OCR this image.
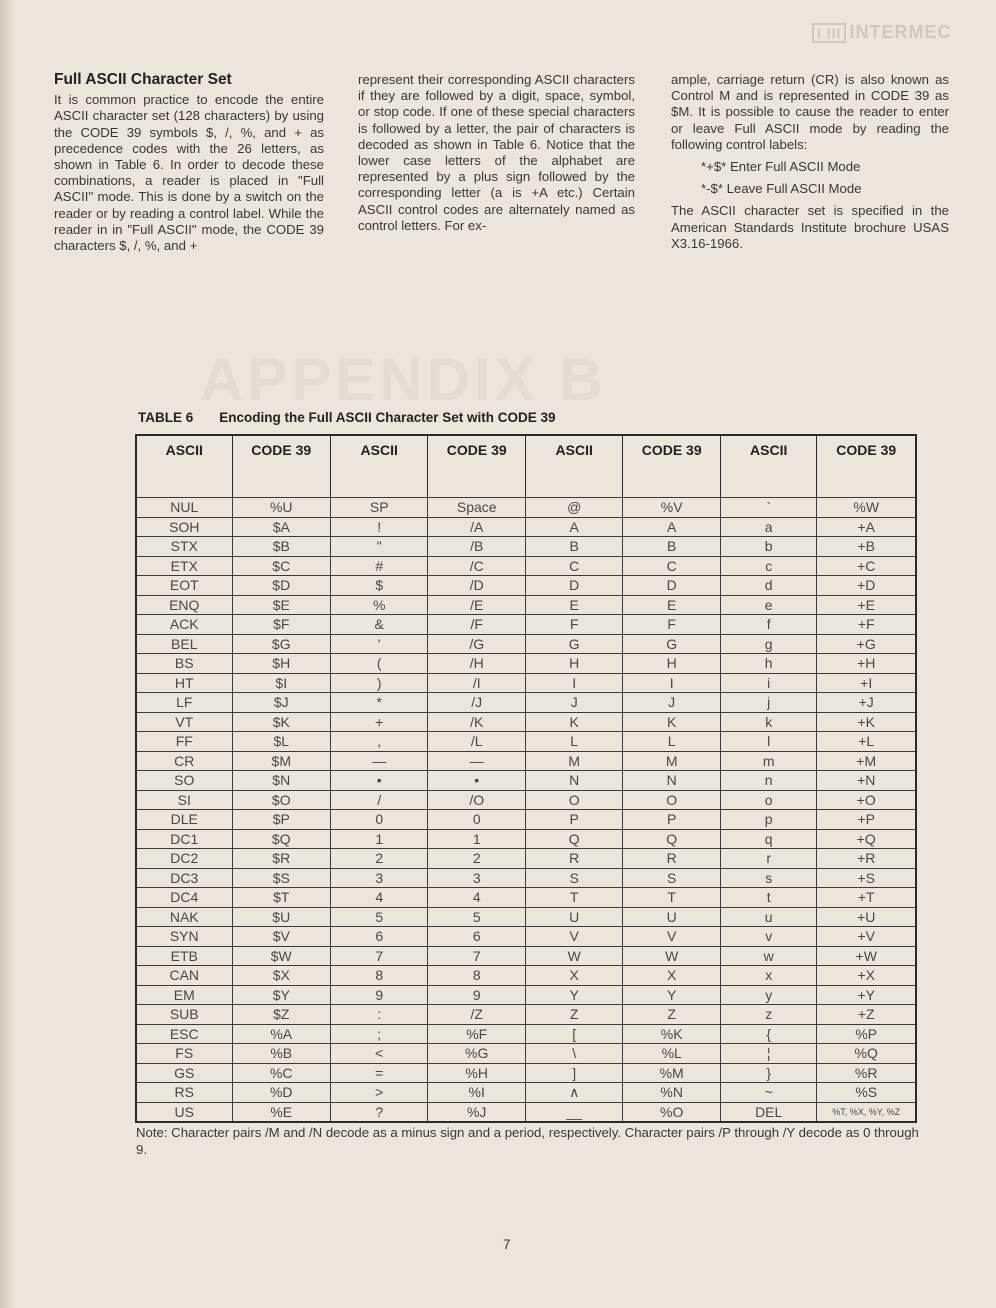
I III INTERMEC
Full ASCII Character Set

It is common practice to encode the entire ASCII character set (128 characters) by using the CODE 39 symbols $, /, %, and + as precedence codes with the 26 letters, as shown in Table 6. In order to decode these combinations, a reader is placed in "Full ASCII" mode. This is done by a switch on the reader or by reading a control label. While the reader in in "Full ASCII" mode, the CODE 39 characters $, /, %, and +

represent their corresponding ASCII characters if they are followed by a digit, space, symbol, or stop code. If one of these special characters is followed by a letter, the pair of characters is decoded as shown in Table 6. Notice that the lower case letters of the alphabet are represented by a plus sign followed by the corresponding letter (a is +A etc.) Certain ASCII control codes are alternately named as control letters. For ex-

ample, carriage return (CR) is also known as Control M and is represented in CODE 39 as $M. It is possible to cause the reader to enter or leave Full ASCII mode by reading the following control labels:

*+$* Enter Full ASCII Mode
*-$* Leave Full ASCII Mode

The ASCII character set is specified in the American Standards Institute brochure USAS X3.16-1966.

APPENDIX B
TABLE 6 Encoding the Full ASCII Character Set with CODE 39
ASCII	CODE 39	ASCII	CODE 39	ASCII	CODE 39	ASCII	CODE 39

NUL	%U	SP	Space	@	%V	`	%W
SOH	$A	!	/A	A	A	a	+A
STX	$B	"	/B	B	B	b	+B
ETX	$C	#	/C	C	C	c	+C
EOT	$D	$	/D	D	D	d	+D
ENQ	$E	%	/E	E	E	e	+E
ACK	$F	&	/F	F	F	f	+F
BEL	$G	'	/G	G	G	g	+G
BS	$H	(	/H	H	H	h	+H
HT	$I	)	/I	I	I	i	+I
LF	$J	*	/J	J	J	j	+J
VT	$K	+	/K	K	K	k	+K
FF	$L	,	/L	L	L	l	+L
CR	$M	—	—	M	M	m	+M
SO	$N	•	•	N	N	n	+N
SI	$O	/	/O	O	O	o	+O
DLE	$P	0	0	P	P	p	+P
DC1	$Q	1	1	Q	Q	q	+Q
DC2	$R	2	2	R	R	r	+R
DC3	$S	3	3	S	S	s	+S
DC4	$T	4	4	T	T	t	+T
NAK	$U	5	5	U	U	u	+U
SYN	$V	6	6	V	V	v	+V
ETB	$W	7	7	W	W	w	+W
CAN	$X	8	8	X	X	x	+X
EM	$Y	9	9	Y	Y	y	+Y
SUB	$Z	:	/Z	Z	Z	z	+Z
ESC	%A	;	%F	[	%K	{	%P
FS	%B	<	%G	\	%L	¦	%Q
GS	%C	=	%H	]	%M	}	%R
RS	%D	>	%I	∧	%N	~	%S
US	%E	?	%J	__	%O	DEL	%T, %X, %Y, %Z
Note: Character pairs /M and /N decode as a minus sign and a period, respectively. Character pairs /P through /Y decode as 0 through 9.
7
